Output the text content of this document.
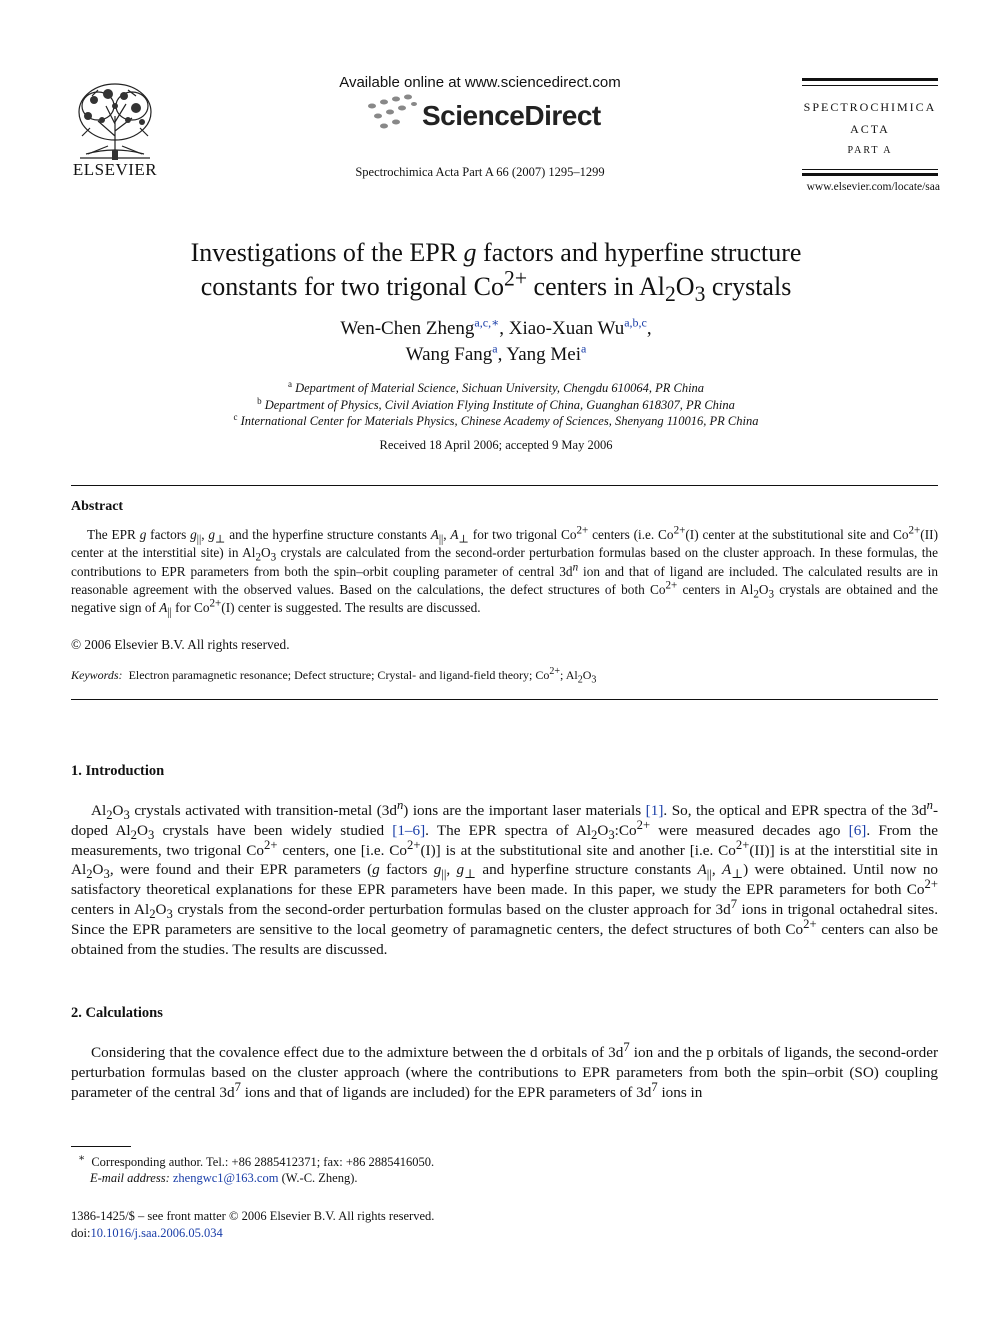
ELSEVIER
Available online at www.sciencedirect.com
ScienceDirect
Spectrochimica Acta Part A 66 (2007) 1295–1299
SPECTROCHIMICA
ACTA
PART A
www.elsevier.com/locate/saa
Investigations of the EPR g factors and hyperfine structure
constants for two trigonal $Co^{2+}$ centers in $Al_2O_3$ crystals
Wen-Chen Zheng$^{a,c,∗}$, Xiao-Xuan Wu$^{a,b,c}$,
Wang Fang$^a$, Yang Mei$^a$
$^a$ Department of Material Science, Sichuan University, Chengdu 610064, PR China
$^b$ Department of Physics, Civil Aviation Flying Institute of China, Guanghan 618307, PR China
$^c$ International Center for Materials Physics, Chinese Academy of Sciences, Shenyang 110016, PR China
Received 18 April 2006; accepted 9 May 2006
Abstract
The EPR g factors $g_{||}$, $g_\perp$ and the hyperfine structure constants $A_{||}$, $A_\perp$ for two trigonal $Co^{2+}$ centers (i.e. $Co^{2+}(I)$ center at the substitutional site and $Co^{2+}(II)$ center at the interstitial site) in $Al_2O_3$ crystals are calculated from the second-order perturbation formulas based on the cluster approach. In these formulas, the contributions to EPR parameters from both the spin–orbit coupling parameter of central $3d^n$ ion and that of ligand are included. The calculated results are in reasonable agreement with the observed values. Based on the calculations, the defect structures of both $Co^{2+}$ centers in $Al_2O_3$ crystals are obtained and the negative sign of $A_{||}$ for $Co^{2+}(I)$ center is suggested. The results are discussed.
© 2006 Elsevier B.V. All rights reserved.
Keywords: Electron paramagnetic resonance; Defect structure; Crystal- and ligand-field theory; $Co^{2+}$; $Al_2O_3$
1. Introduction
$Al_2O_3$ crystals activated with transition-metal $(3d^n)$ ions are the important laser materials [1]. So, the optical and EPR spectra of the $3d^n$-doped $Al_2O_3$ crystals have been widely studied [1–6]. The EPR spectra of $Al_2O_3:Co^{2+}$ were measured decades ago [6]. From the measurements, two trigonal $Co^{2+}$ centers, one [i.e. $Co^{2+}(I)$] is at the substitutional site and another [i.e. $Co^{2+}(II)$] is at the interstitial site in $Al_2O_3$, were found and their EPR parameters (g factors $g_{||}$, $g_\perp$ and hyperfine structure constants $A_{||}$, $A_\perp$) were obtained. Until now no satisfactory theoretical explanations for these EPR parameters have been made. In this paper, we study the EPR parameters for both $Co^{2+}$ centers in $Al_2O_3$ crystals from the second-order perturbation formulas based on the cluster approach for $3d^7$ ions in trigonal octahedral sites. Since the EPR parameters are sensitive to the local geometry of paramagnetic centers, the defect structures of both $Co^{2+}$ centers can also be obtained from the studies. The results are discussed.
2. Calculations
Considering that the covalence effect due to the admixture between the d orbitals of $3d^7$ ion and the p orbitals of ligands, the second-order perturbation formulas based on the cluster approach (where the contributions to EPR parameters from both the spin–orbit (SO) coupling parameter of the central $3d^7$ ions and that of ligands are included) for the EPR parameters of $3d^7$ ions in
∗ Corresponding author. Tel.: +86 2885412371; fax: +86 2885416050.
E-mail address: zhengwc1@163.com (W.-C. Zheng).
1386-1425/$ – see front matter © 2006 Elsevier B.V. All rights reserved.
doi:10.1016/j.saa.2006.05.034
